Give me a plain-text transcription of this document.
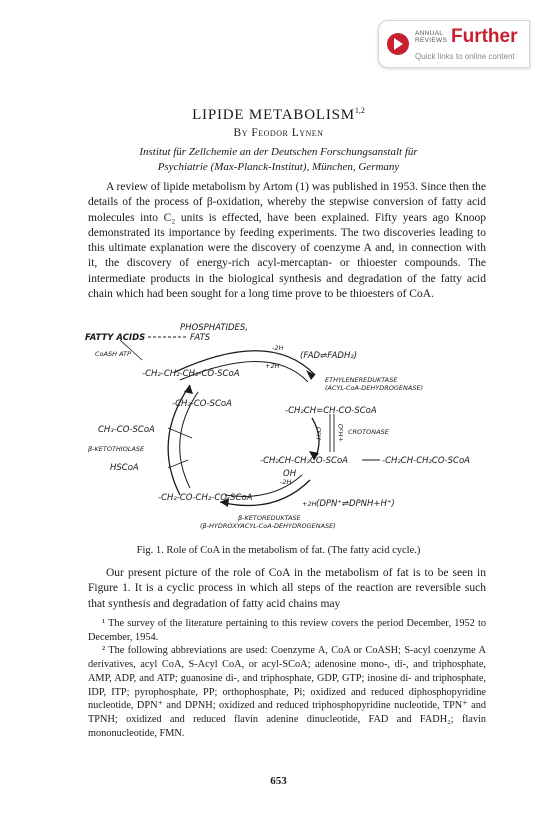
ANNUAL REVIEWS Further
Quick links to online content
LIPIDE METABOLISM$^{1,2}$
By Feodor Lynen
Institut für Zellchemie an der Deutschen Forschungsanstalt für
Psychiatrie (Max-Planck-Institut), München, Germany

A review of lipide metabolism by Artom (1) was published in 1953. Since then the details of the process of β-oxidation, whereby the stepwise conversion of fatty acid molecules into C₂ units is effected, have been explained. Fifty years ago Knoop demonstrated its importance by feeding experiments. The two discoveries leading to this ultimate explanation were the discovery of coenzyme A and, in connection with it, the discovery of energy-rich acyl-mercaptan- or thioester compounds. The intermediate products in the biological synthesis and degradation of the fatty acid chain which had been sought for a long time prove to be thioesters of CoA.

PHOSPHATIDES,
FATTY ACIDS	FATS
CoASH ATP
-CH₂-CH₂-CH₂-CO-SCoA
-2H
+2H
(FAD⇌FADH₂)
ETHYLENEREDUKTASE
(ACYL-CoA-DEHYDROGENASE)
-CH₂-CO-SCoA
-CH₂CH=CH-CO-SCoA
-H₂O +H₂O CROTONASE
CH₃-CO-SCoA
β-KETOTHIOLASE
HSCoA
-CH₂CH-CH₂CO-SCoA
OH
-CH₂CH-CH₂CO-SCoA
-CH₂-CO-CH₂-CO-SCoA
-2H
+2H (DPN⁺⇌DPNH+H⁺)
β-KETOREDUKTASE
(β-HYDROXYACYL-CoA-DEHYDROGENASE)
Fig. 1. Role of CoA in the metabolism of fat. (The fatty acid cycle.)

Our present picture of the role of CoA in the metabolism of fat is to be seen in Figure 1. It is a cyclic process in which all steps of the reaction are reversible such that synthesis and degradation of fatty acid chains may

¹ The survey of the literature pertaining to this review covers the period December, 1952 to December, 1954.

² The following abbreviations are used: Coenzyme A, CoA or CoASH; S-acyl coenzyme A derivatives, acyl CoA, S-Acyl CoA, or acyl-SCoA; adenosine mono-, di-, and triphosphate, AMP, ADP, and ATP; guanosine di-, and triphosphate, GDP, GTP; inosine di- and triphosphate, IDP, ITP; pyrophosphate, PP; orthophosphate, Pi; oxidized and reduced diphosphopyridine nucleotide, DPN⁺ and DPNH; oxidized and reduced triphosphopyridine nucleotide, TPN⁺ and TPNH; oxidized and reduced flavin adenine dinucleotide, FAD and FADH₂; flavin mononucleotide, FMN.

653
